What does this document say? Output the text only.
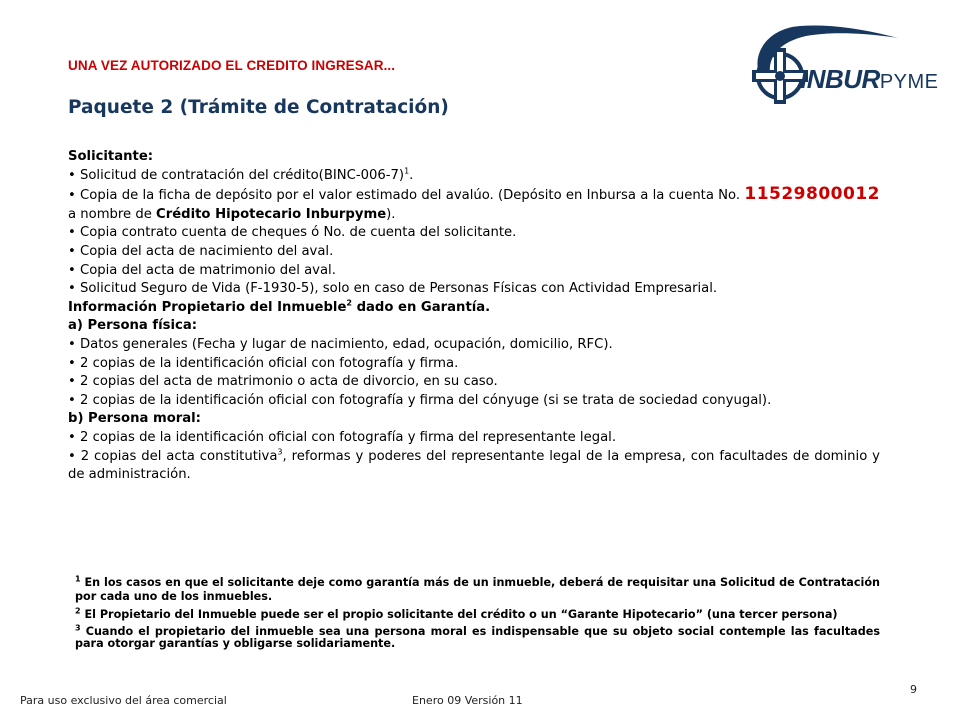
UNA VEZ AUTORIZADO EL CREDITO INGRESAR...
Paquete 2 (Trámite de Contratación)
INBURPYME

Solicitante:

• Solicitud de contratación del crédito(BINC-006-7)$^1$.

• Copia de la ficha de depósito por el valor estimado del avalúo. (Depósito en Inbursa a la cuenta No. 11529800012 a nombre de Crédito Hipotecario Inburpyme).

• Copia contrato cuenta de cheques ó No. de cuenta del solicitante.

• Copia del acta de nacimiento del aval.

• Copia del acta de matrimonio del aval.

• Solicitud Seguro de Vida (F-1930-5), solo en caso de Personas Físicas con Actividad Empresarial.

Información Propietario del Inmueble$^2$ dado en Garantía.

a) Persona física:

• Datos generales (Fecha y lugar de nacimiento, edad, ocupación, domicilio, RFC).

• 2 copias de la identificación oficial con fotografía y firma.

• 2 copias del acta de matrimonio o acta de divorcio, en su caso.

• 2 copias de la identificación oficial con fotografía y firma del cónyuge (si se trata de sociedad conyugal).

b) Persona moral:

• 2 copias de la identificación oficial con fotografía y firma del representante legal.

• 2 copias del acta constitutiva$^3$, reformas y poderes del representante legal de la empresa, con facultades de dominio y de administración.

$^1$ En los casos en que el solicitante deje como garantía más de un inmueble, deberá de requisitar una Solicitud de Contratación por cada uno de los inmuebles.

$^2$ El Propietario del Inmueble puede ser el propio solicitante del crédito o un “Garante Hipotecario” (una tercer persona)

$^3$ Cuando el propietario del inmueble sea una persona moral es indispensable que su objeto social contemple las facultades para otorgar garantías y obligarse solidariamente.

Para uso exclusivo del área comercial	Enero 09 Versión 11
9
